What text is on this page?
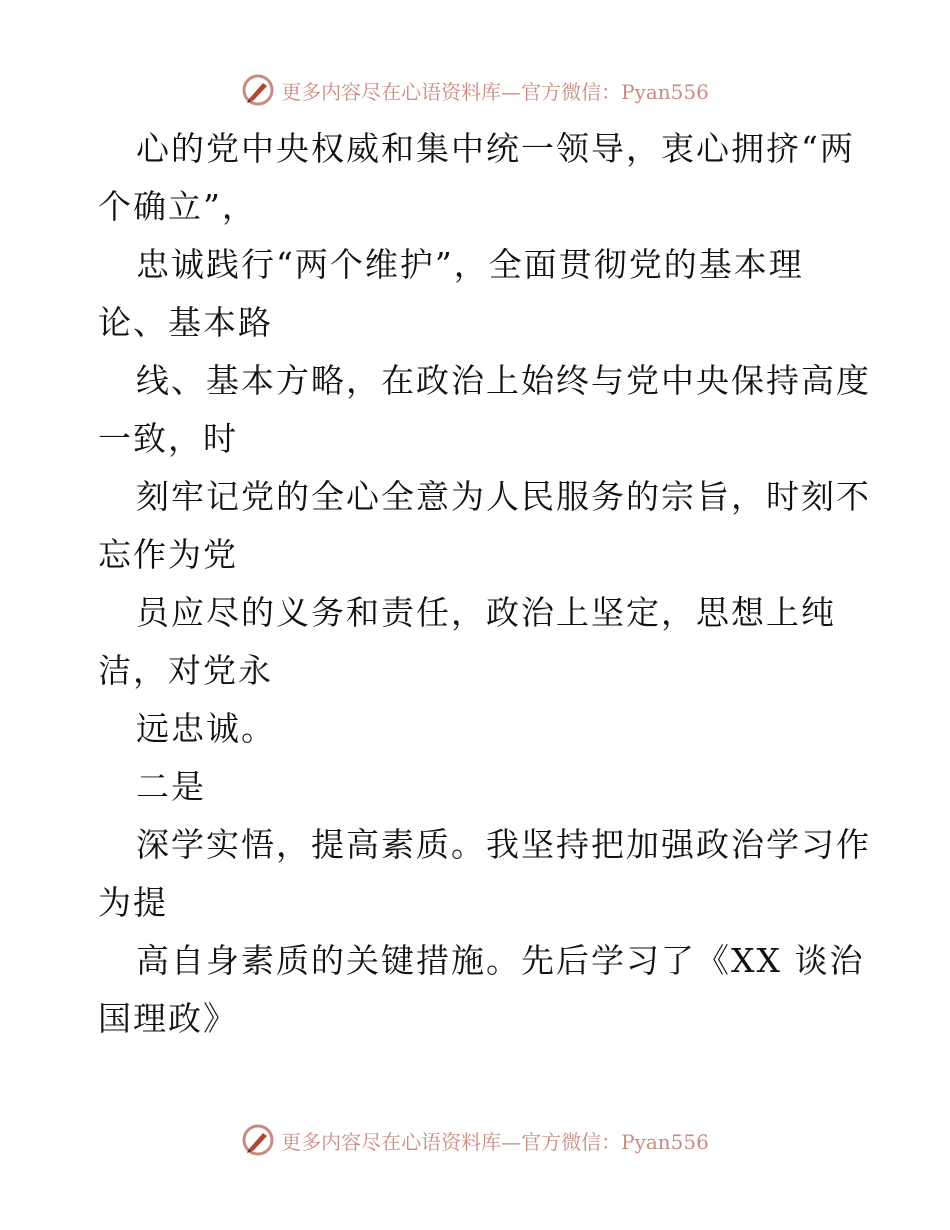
更多内容尽在心语资料库—官方微信：Pyan556
心的党中央权威和集中统一领导，衷心拥挤“两
个确立”，
忠诚践行“两个维护”，全面贯彻党的基本理
论、基本路
线、基本方略，在政治上始终与党中央保持高度
一致，时
刻牢记党的全心全意为人民服务的宗旨，时刻不
忘作为党
员应尽的义务和责任，政治上坚定，思想上纯
洁，对党永
远忠诚。
二是
深学实悟，提高素质。我坚持把加强政治学习作
为提
高自身素质的关键措施。先后学习了《XX 谈治
国理政》
更多内容尽在心语资料库—官方微信：Pyan556
